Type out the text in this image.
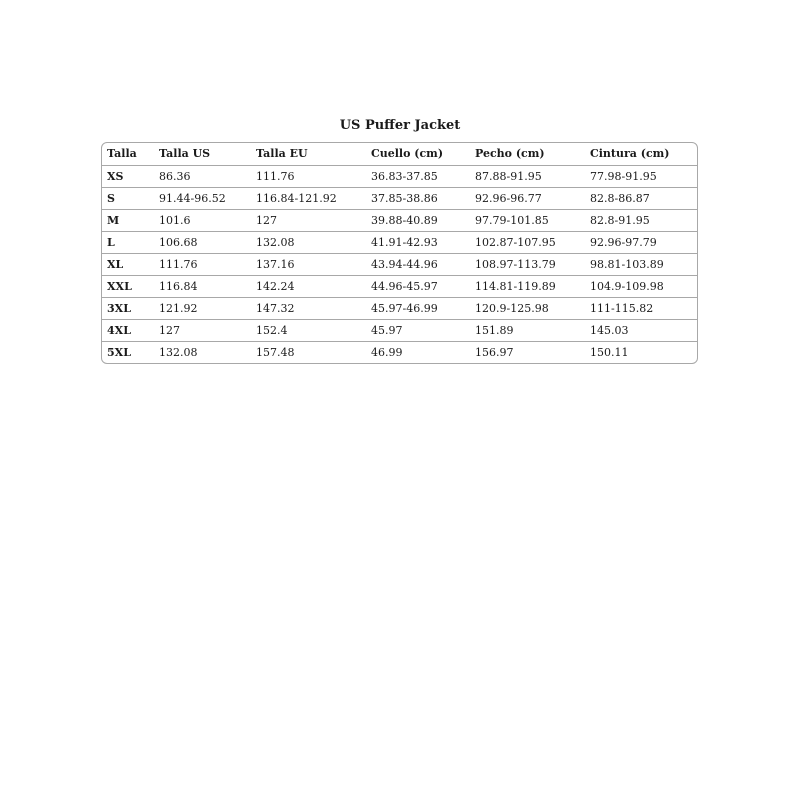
US Puffer Jacket
Talla	Talla US	Talla EU	Cuello (cm)	Pecho (cm)	Cintura (cm)
XS	86.36	111.76	36.83-37.85	87.88-91.95	77.98-91.95
S	91.44-96.52	116.84-121.92	37.85-38.86	92.96-96.77	82.8-86.87
M	101.6	127	39.88-40.89	97.79-101.85	82.8-91.95
L	106.68	132.08	41.91-42.93	102.87-107.95	92.96-97.79
XL	111.76	137.16	43.94-44.96	108.97-113.79	98.81-103.89
XXL	116.84	142.24	44.96-45.97	114.81-119.89	104.9-109.98
3XL	121.92	147.32	45.97-46.99	120.9-125.98	111-115.82
4XL	127	152.4	45.97	151.89	145.03
5XL	132.08	157.48	46.99	156.97	150.11
